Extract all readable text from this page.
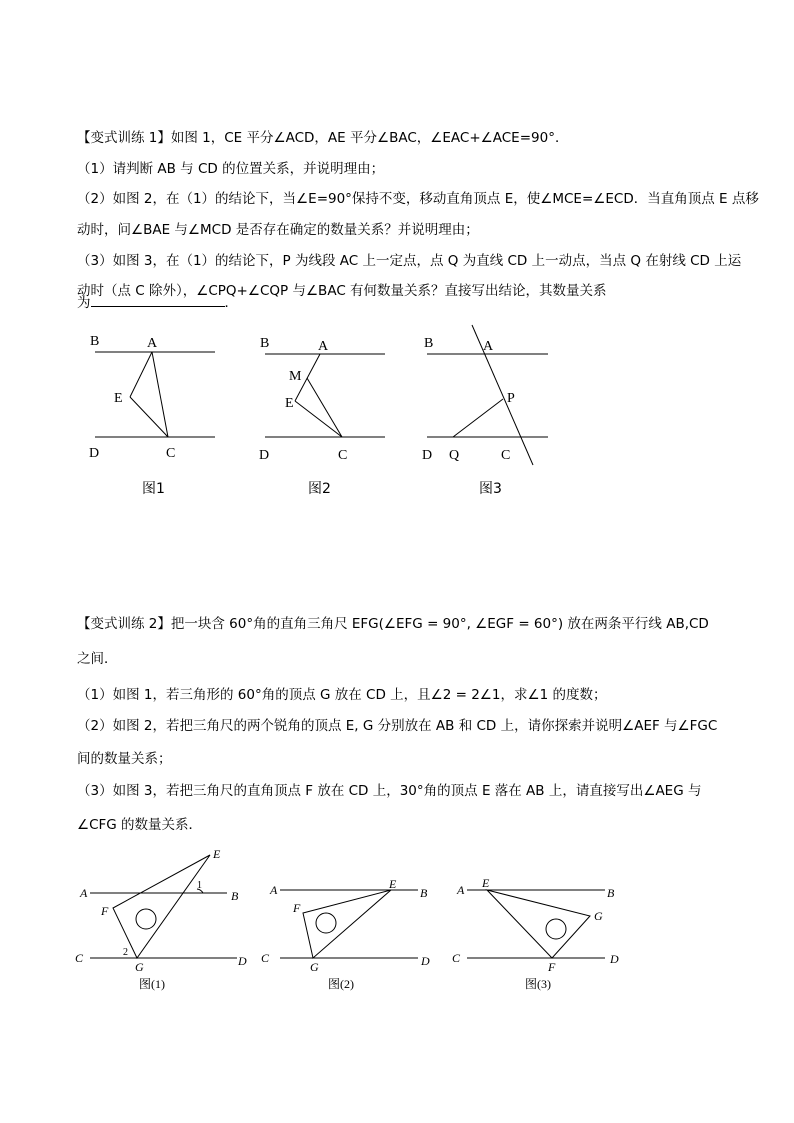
【变式训练 1】如图 1，CE 平分∠ACD，AE 平分∠BAC，∠EAC+∠ACE=90°．
（1）请判断 AB 与 CD 的位置关系，并说明理由；
（2）如图 2，在（1）的结论下，当∠E=90°保持不变，移动直角顶点 E，使∠MCE=∠ECD．当直角顶点 E 点移
动时，问∠BAE 与∠MCD 是否存在确定的数量关系？并说明理由；
（3）如图 3，在（1）的结论下，P 为线段 AC 上一定点，点 Q 为直线 CD 上一动点，当点 Q 在射线 CD 上运
动时（点 C 除外），∠CPQ+∠CQP 与∠BAC 有何数量关系？直接写出结论，其数量关系
为	．
B	A
E
D	C
图1
B	A
M
E
D	C
图2
B	A
P
D Q	C
图3
【变式训练 2】把一块含 60°角的直角三角尺 EFG(∠EFG = 90°, ∠EGF = 60°) 放在两条平行线 AB,CD
之间．
（1）如图 1，若三角形的 60°角的顶点 G 放在 CD 上，且∠2 = 2∠1，求∠1 的度数；
（2）如图 2，若把三角尺的两个锐角的顶点 E, G 分别放在 AB 和 CD 上，请你探索并说明∠AEF 与∠FGC
间的数量关系；
（3）如图 3，若把三角尺的直角顶点 F 放在 CD 上，30°角的顶点 E 落在 AB 上，请直接写出∠AEG 与
∠CFG 的数量关系．
A	B
E
F
C	D
G
1
2
图(1)
A	B
E
F
C	D
G
图(2)
A	B
E
G
C	D
F
图(3)
